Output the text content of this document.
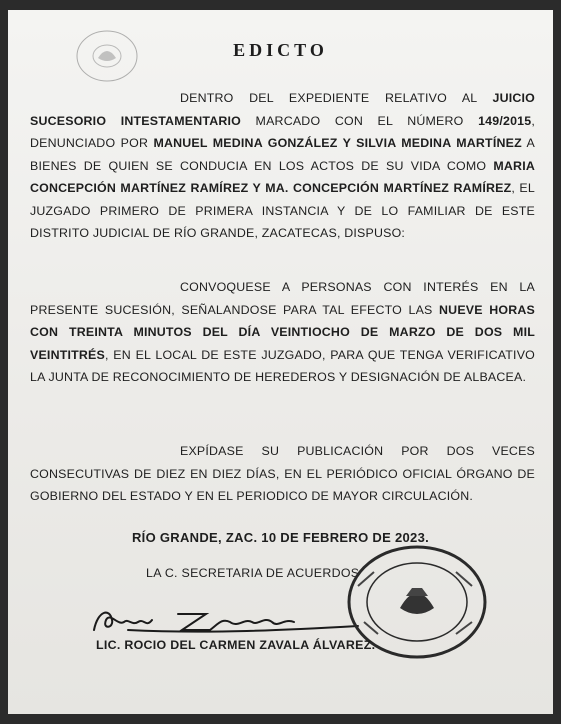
EDICTO
DENTRO DEL EXPEDIENTE RELATIVO AL JUICIO SUCESORIO INTESTAMENTARIO MARCADO CON EL NÚMERO 149/2015, DENUNCIADO POR MANUEL MEDINA GONZÁLEZ Y SILVIA MEDINA MARTÍNEZ A BIENES DE QUIEN SE CONDUCIA EN LOS ACTOS DE SU VIDA COMO MARIA CONCEPCIÓN MARTÍNEZ RAMÍREZ Y MA. CONCEPCIÓN MARTÍNEZ RAMÍREZ, EL JUZGADO PRIMERO DE PRIMERA INSTANCIA Y DE LO FAMILIAR DE ESTE DISTRITO JUDICIAL DE RÍO GRANDE, ZACATECAS, DISPUSO:
CONVOQUESE A PERSONAS CON INTERÉS EN LA PRESENTE SUCESIÓN, SEÑALANDOSE PARA TAL EFECTO LAS NUEVE HORAS CON TREINTA MINUTOS DEL DÍA VEINTIOCHO DE MARZO DE DOS MIL VEINTITRÉS, EN EL LOCAL DE ESTE JUZGADO, PARA QUE TENGA VERIFICATIVO LA JUNTA DE RECONOCIMIENTO DE HEREDEROS Y DESIGNACIÓN DE ALBACEA.
EXPÍDASE SU PUBLICACIÓN POR DOS VECES CONSECUTIVAS DE DIEZ EN DIEZ DÍAS, EN EL PERIÓDICO OFICIAL ÓRGANO DE GOBIERNO DEL ESTADO Y EN EL PERIODICO DE MAYOR CIRCULACIÓN.
RÍO GRANDE, ZAC. 10 DE FEBRERO DE 2023.
LA C. SECRETARIA DE ACUERDOS
LIC. ROCIO DEL CARMEN ZAVALA ÁLVAREZ.
